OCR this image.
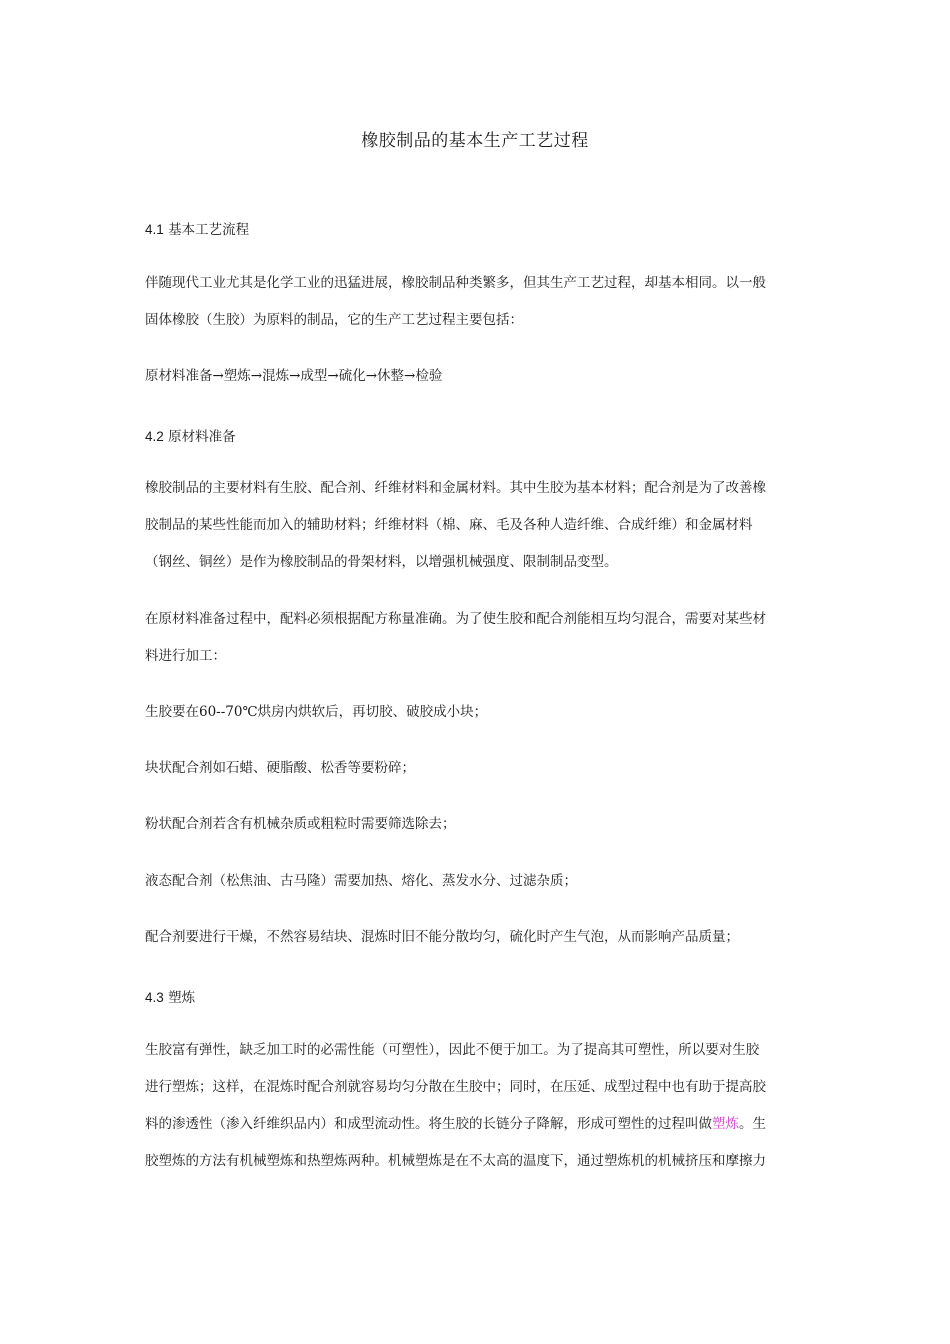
橡胶制品的基本生产工艺过程
4.1 基本工艺流程
伴随现代工业尤其是化学工业的迅猛进展，橡胶制品种类繁多，但其生产工艺过程，却基本相同。以一般
固体橡胶（生胶）为原料的制品，它的生产工艺过程主要包括：
原材料准备→塑炼→混炼→成型→硫化→休整→检验
4.2 原材料准备
橡胶制品的主要材料有生胶、配合剂、纤维材料和金属材料。其中生胶为基本材料；配合剂是为了改善橡
胶制品的某些性能而加入的辅助材料；纤维材料（棉、麻、毛及各种人造纤维、合成纤维）和金属材料
（钢丝、铜丝）是作为橡胶制品的骨架材料，以增强机械强度、限制制品变型。
在原材料准备过程中，配料必须根据配方称量准确。为了使生胶和配合剂能相互均匀混合，需要对某些材
料进行加工：
生胶要在60--70℃烘房内烘软后，再切胶、破胶成小块；
块状配合剂如石蜡、硬脂酸、松香等要粉碎；
粉状配合剂若含有机械杂质或粗粒时需要筛选除去；
液态配合剂（松焦油、古马隆）需要加热、熔化、蒸发水分、过滤杂质；
配合剂要进行干燥，不然容易结块、混炼时旧不能分散均匀，硫化时产生气泡，从而影响产品质量；
4.3 塑炼
生胶富有弹性，缺乏加工时的必需性能（可塑性），因此不便于加工。为了提高其可塑性，所以要对生胶
进行塑炼；这样，在混炼时配合剂就容易均匀分散在生胶中；同时，在压延、成型过程中也有助于提高胶
料的渗透性（渗入纤维织品内）和成型流动性。将生胶的长链分子降解，形成可塑性的过程叫做塑炼。生
胶塑炼的方法有机械塑炼和热塑炼两种。机械塑炼是在不太高的温度下，通过塑炼机的机械挤压和摩擦力
